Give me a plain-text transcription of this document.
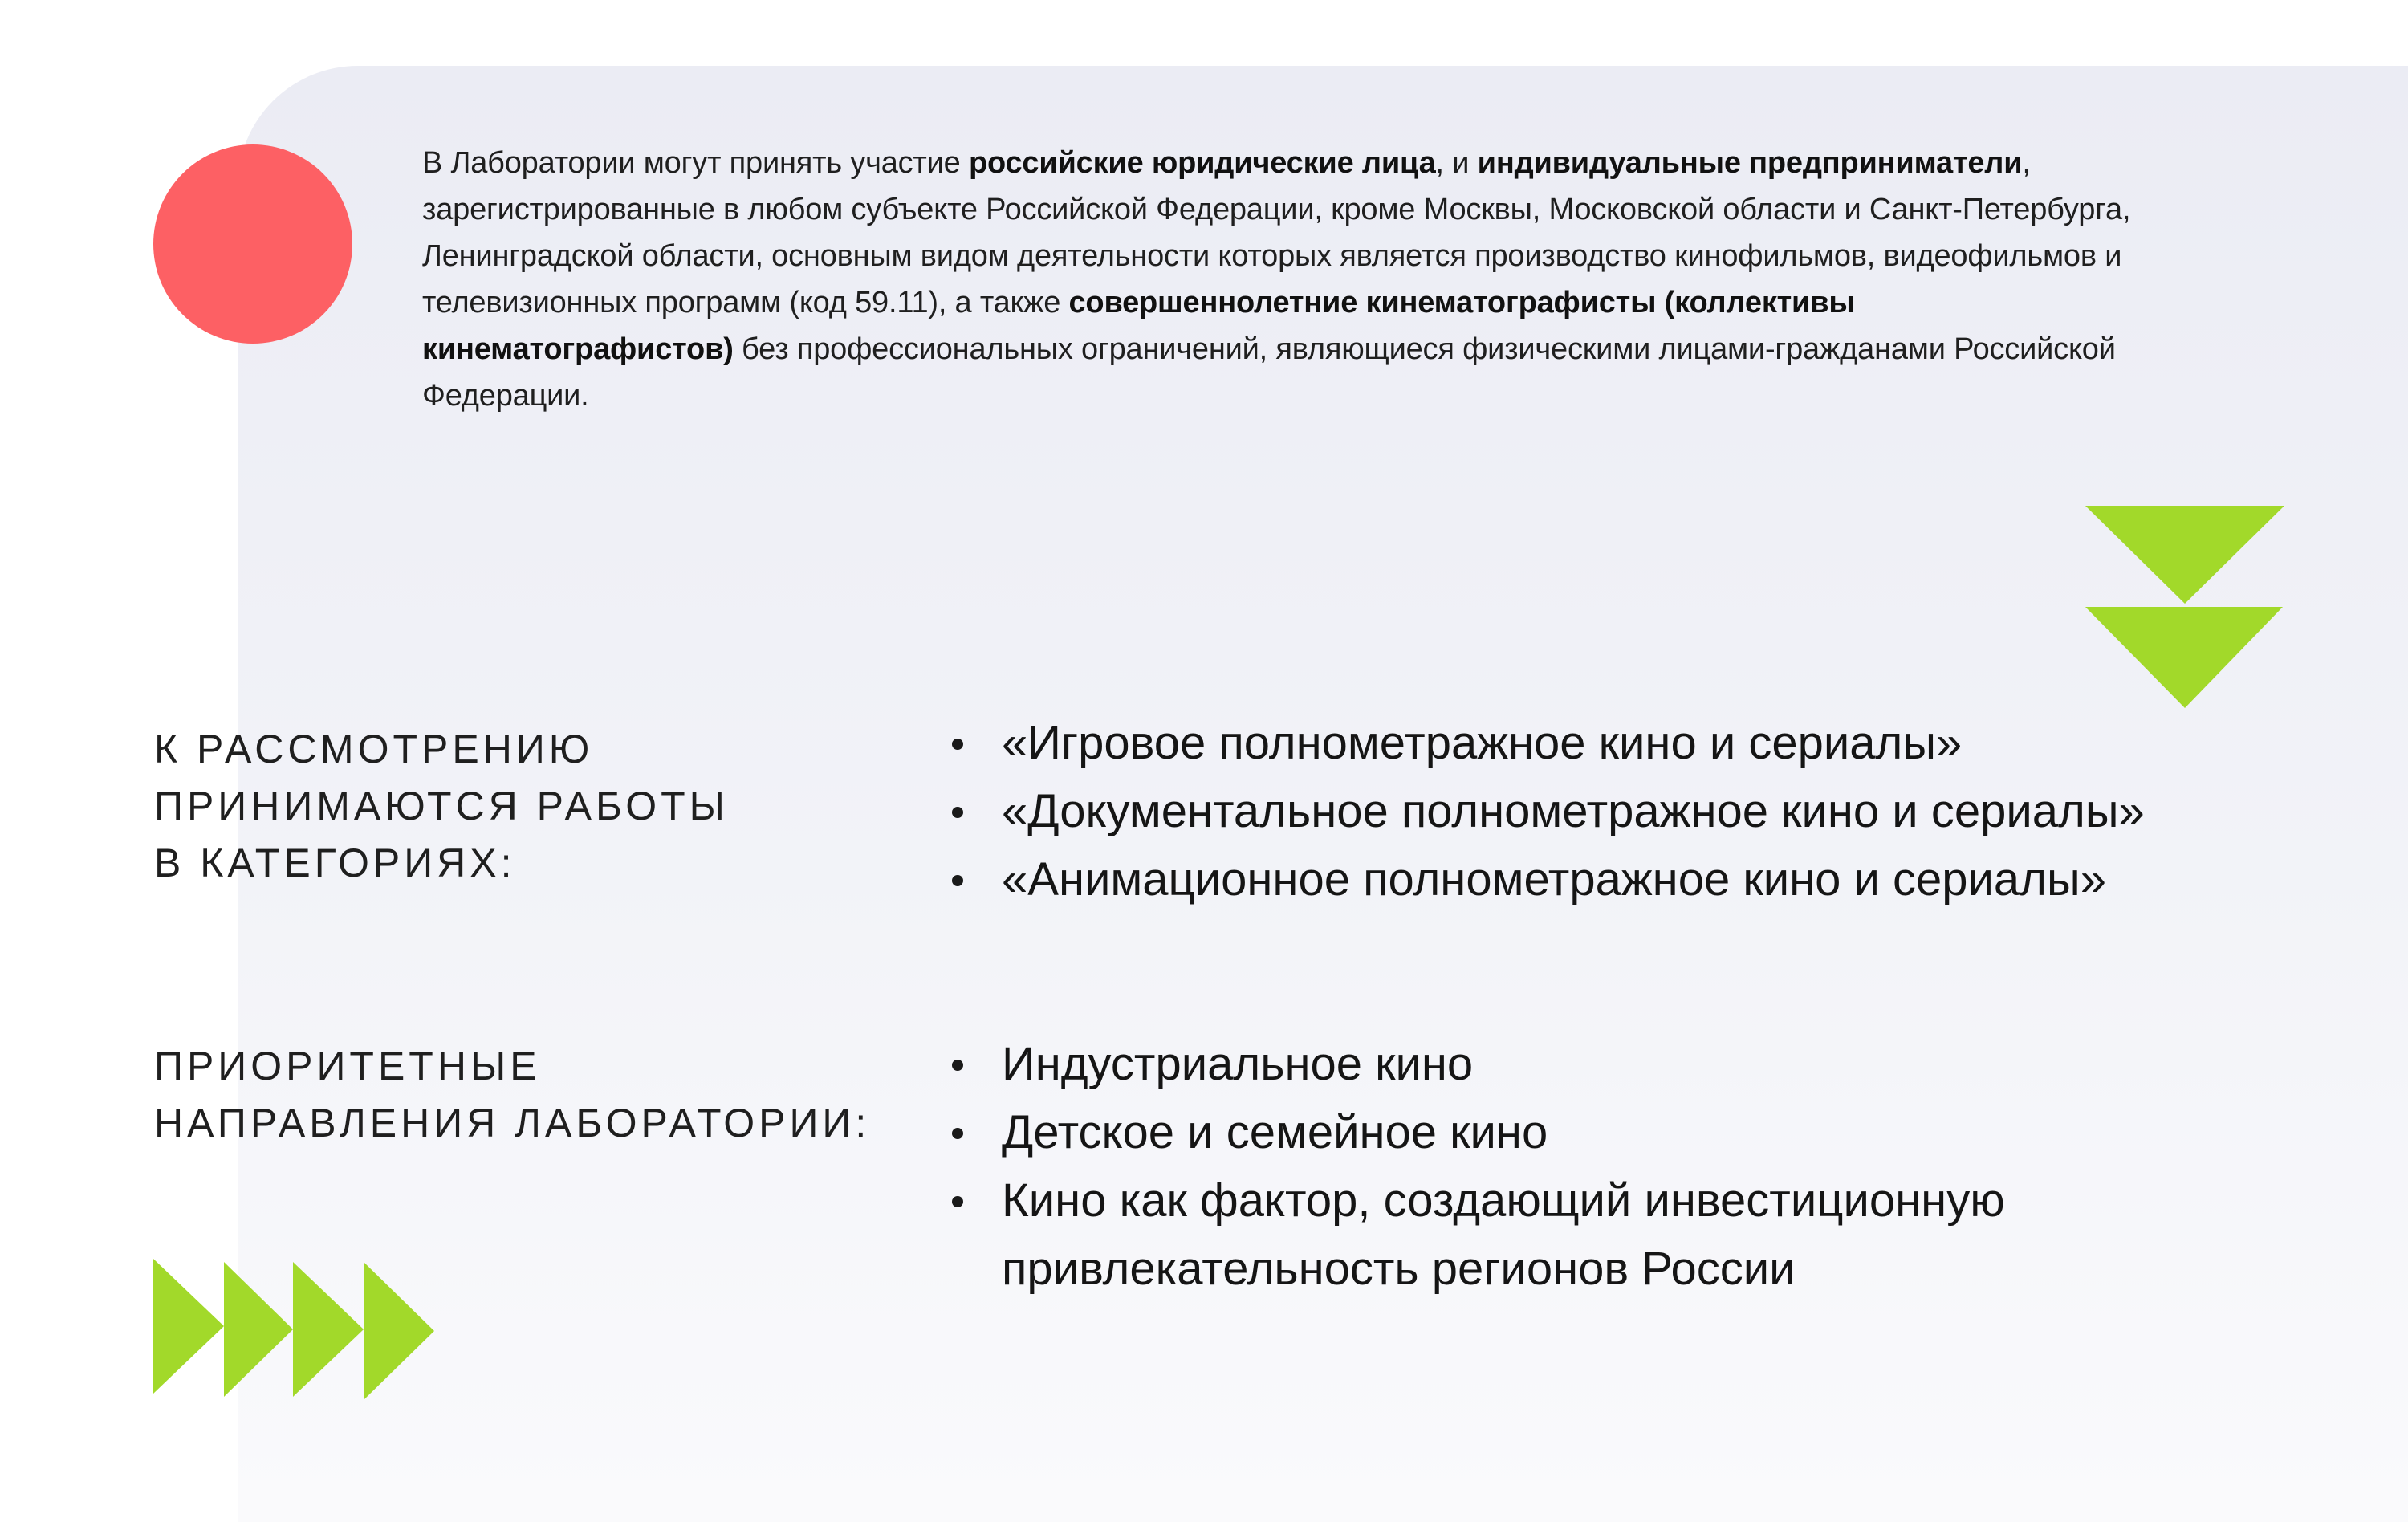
В Лаборатории могут принять участие российские юридические лица, и индивидуальные предприниматели, зарегистрированные в любом субъекте Российской Федерации, кроме Москвы, Московской области и Санкт-Петербурга, Ленинградской области, основным видом деятельности которых является производство кинофильмов, видеофильмов и телевизионных программ (код 59.11), а также совершеннолетние кинематографисты (коллективы кинематографистов) без профессиональных ограничений, являющиеся физическими лицами-гражданами Российской Федерации.

К РАССМОТРЕНИЮ
ПРИНИМАЮТСЯ РАБОТЫ
В КАТЕГОРИЯХ:
«Игровое полнометражное кино и сериалы»
«Документальное полнометражное кино и сериалы»
«Анимационное полнометражное кино и сериалы»
ПРИОРИТЕТНЫЕ
НАПРАВЛЕНИЯ ЛАБОРАТОРИИ:
Индустриальное кино
Детское и семейное кино
Кино как фактор, создающий инвестиционную
привлекательность регионов России
